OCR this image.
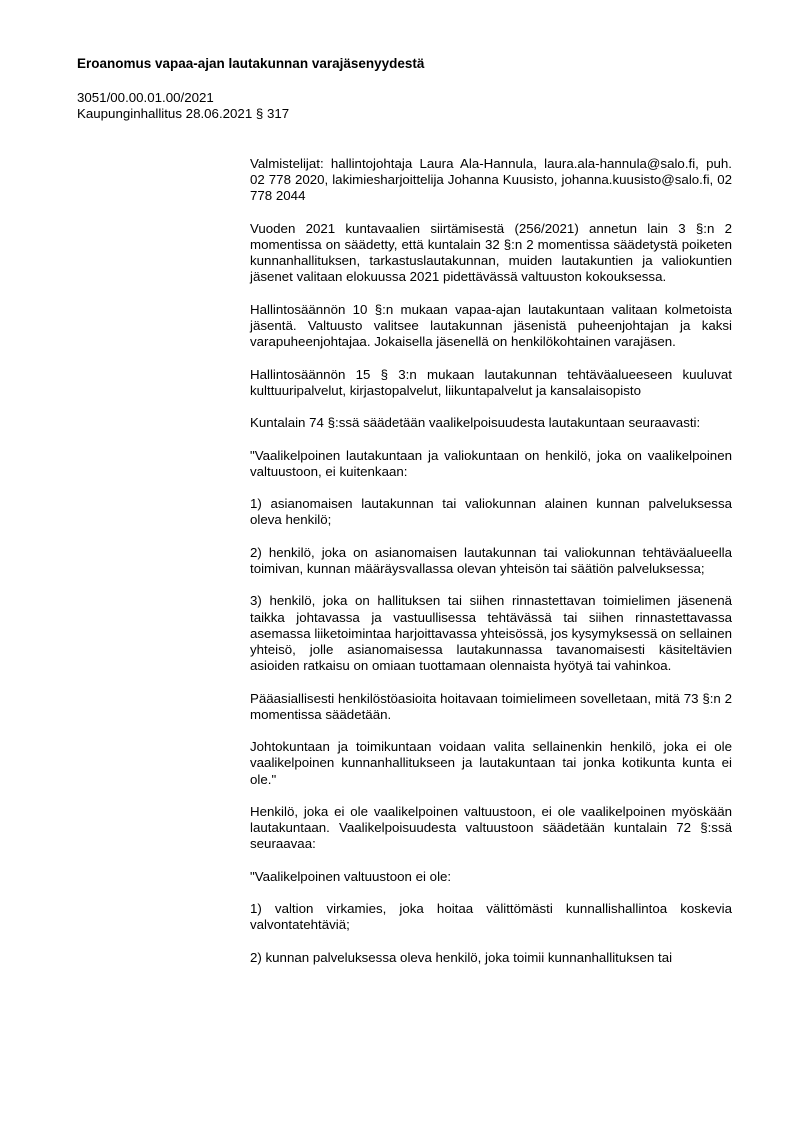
Eroanomus vapaa-ajan lautakunnan varajäsenyydestä
3051/00.00.01.00/2021
Kaupunginhallitus 28.06.2021 § 317

Valmistelijat: hallintojohtaja Laura Ala-Hannula, laura.ala-hannula@salo.fi, puh. 02 778 2020, lakimiesharjoittelija Johanna Kuusisto, johanna.kuusisto@salo.fi, 02 778 2044

Vuoden 2021 kuntavaalien siirtämisestä (256/2021) annetun lain 3 §:n 2 momentissa on säädetty, että kuntalain 32 §:n 2 momentissa säädetystä poiketen kunnanhallituksen, tarkastuslautakunnan, muiden lautakuntien ja valiokuntien jäsenet valitaan elokuussa 2021 pidettävässä valtuuston kokouksessa.

Hallintosäännön 10 §:n mukaan vapaa-ajan lautakuntaan valitaan kolmetoista jäsentä. Valtuusto valitsee lautakunnan jäsenistä puheenjohtajan ja kaksi varapuheenjohtajaa. Jokaisella jäsenellä on henkilökohtainen varajäsen.

Hallintosäännön 15 § 3:n mukaan lautakunnan tehtäväalueeseen kuuluvat kulttuuripalvelut, kirjastopalvelut, liikuntapalvelut ja kansalaisopisto

Kuntalain 74 §:ssä säädetään vaalikelpoisuudesta lautakuntaan seuraavasti:

"Vaalikelpoinen lautakuntaan ja valiokuntaan on henkilö, joka on vaalikelpoinen valtuustoon, ei kuitenkaan:

1) asianomaisen lautakunnan tai valiokunnan alainen kunnan palveluksessa oleva henkilö;

2) henkilö, joka on asianomaisen lautakunnan tai valiokunnan tehtäväalueella toimivan, kunnan määräysvallassa olevan yhteisön tai säätiön palveluksessa;

3) henkilö, joka on hallituksen tai siihen rinnastettavan toimielimen jäsenenä taikka johtavassa ja vastuullisessa tehtävässä tai siihen rinnastettavassa asemassa liiketoimintaa harjoittavassa yhteisössä, jos kysymyksessä on sellainen yhteisö, jolle asianomaisessa lautakunnassa tavanomaisesti käsiteltävien asioiden ratkaisu on omiaan tuottamaan olennaista hyötyä tai vahinkoa.

Pääasiallisesti henkilöstöasioita hoitavaan toimielimeen sovelletaan, mitä 73 §:n 2 momentissa säädetään.

Johtokuntaan ja toimikuntaan voidaan valita sellainenkin henkilö, joka ei ole vaalikelpoinen kunnanhallitukseen ja lautakuntaan tai jonka kotikunta kunta ei ole."

Henkilö, joka ei ole vaalikelpoinen valtuustoon, ei ole vaalikelpoinen myöskään lautakuntaan. Vaalikelpoisuudesta valtuustoon säädetään kuntalain 72 §:ssä seuraavaa:

"Vaalikelpoinen valtuustoon ei ole:

1) valtion virkamies, joka hoitaa välittömästi kunnallishallintoa koskevia valvontatehtäviä;

2) kunnan palveluksessa oleva henkilö, joka toimii kunnanhallituksen tai
